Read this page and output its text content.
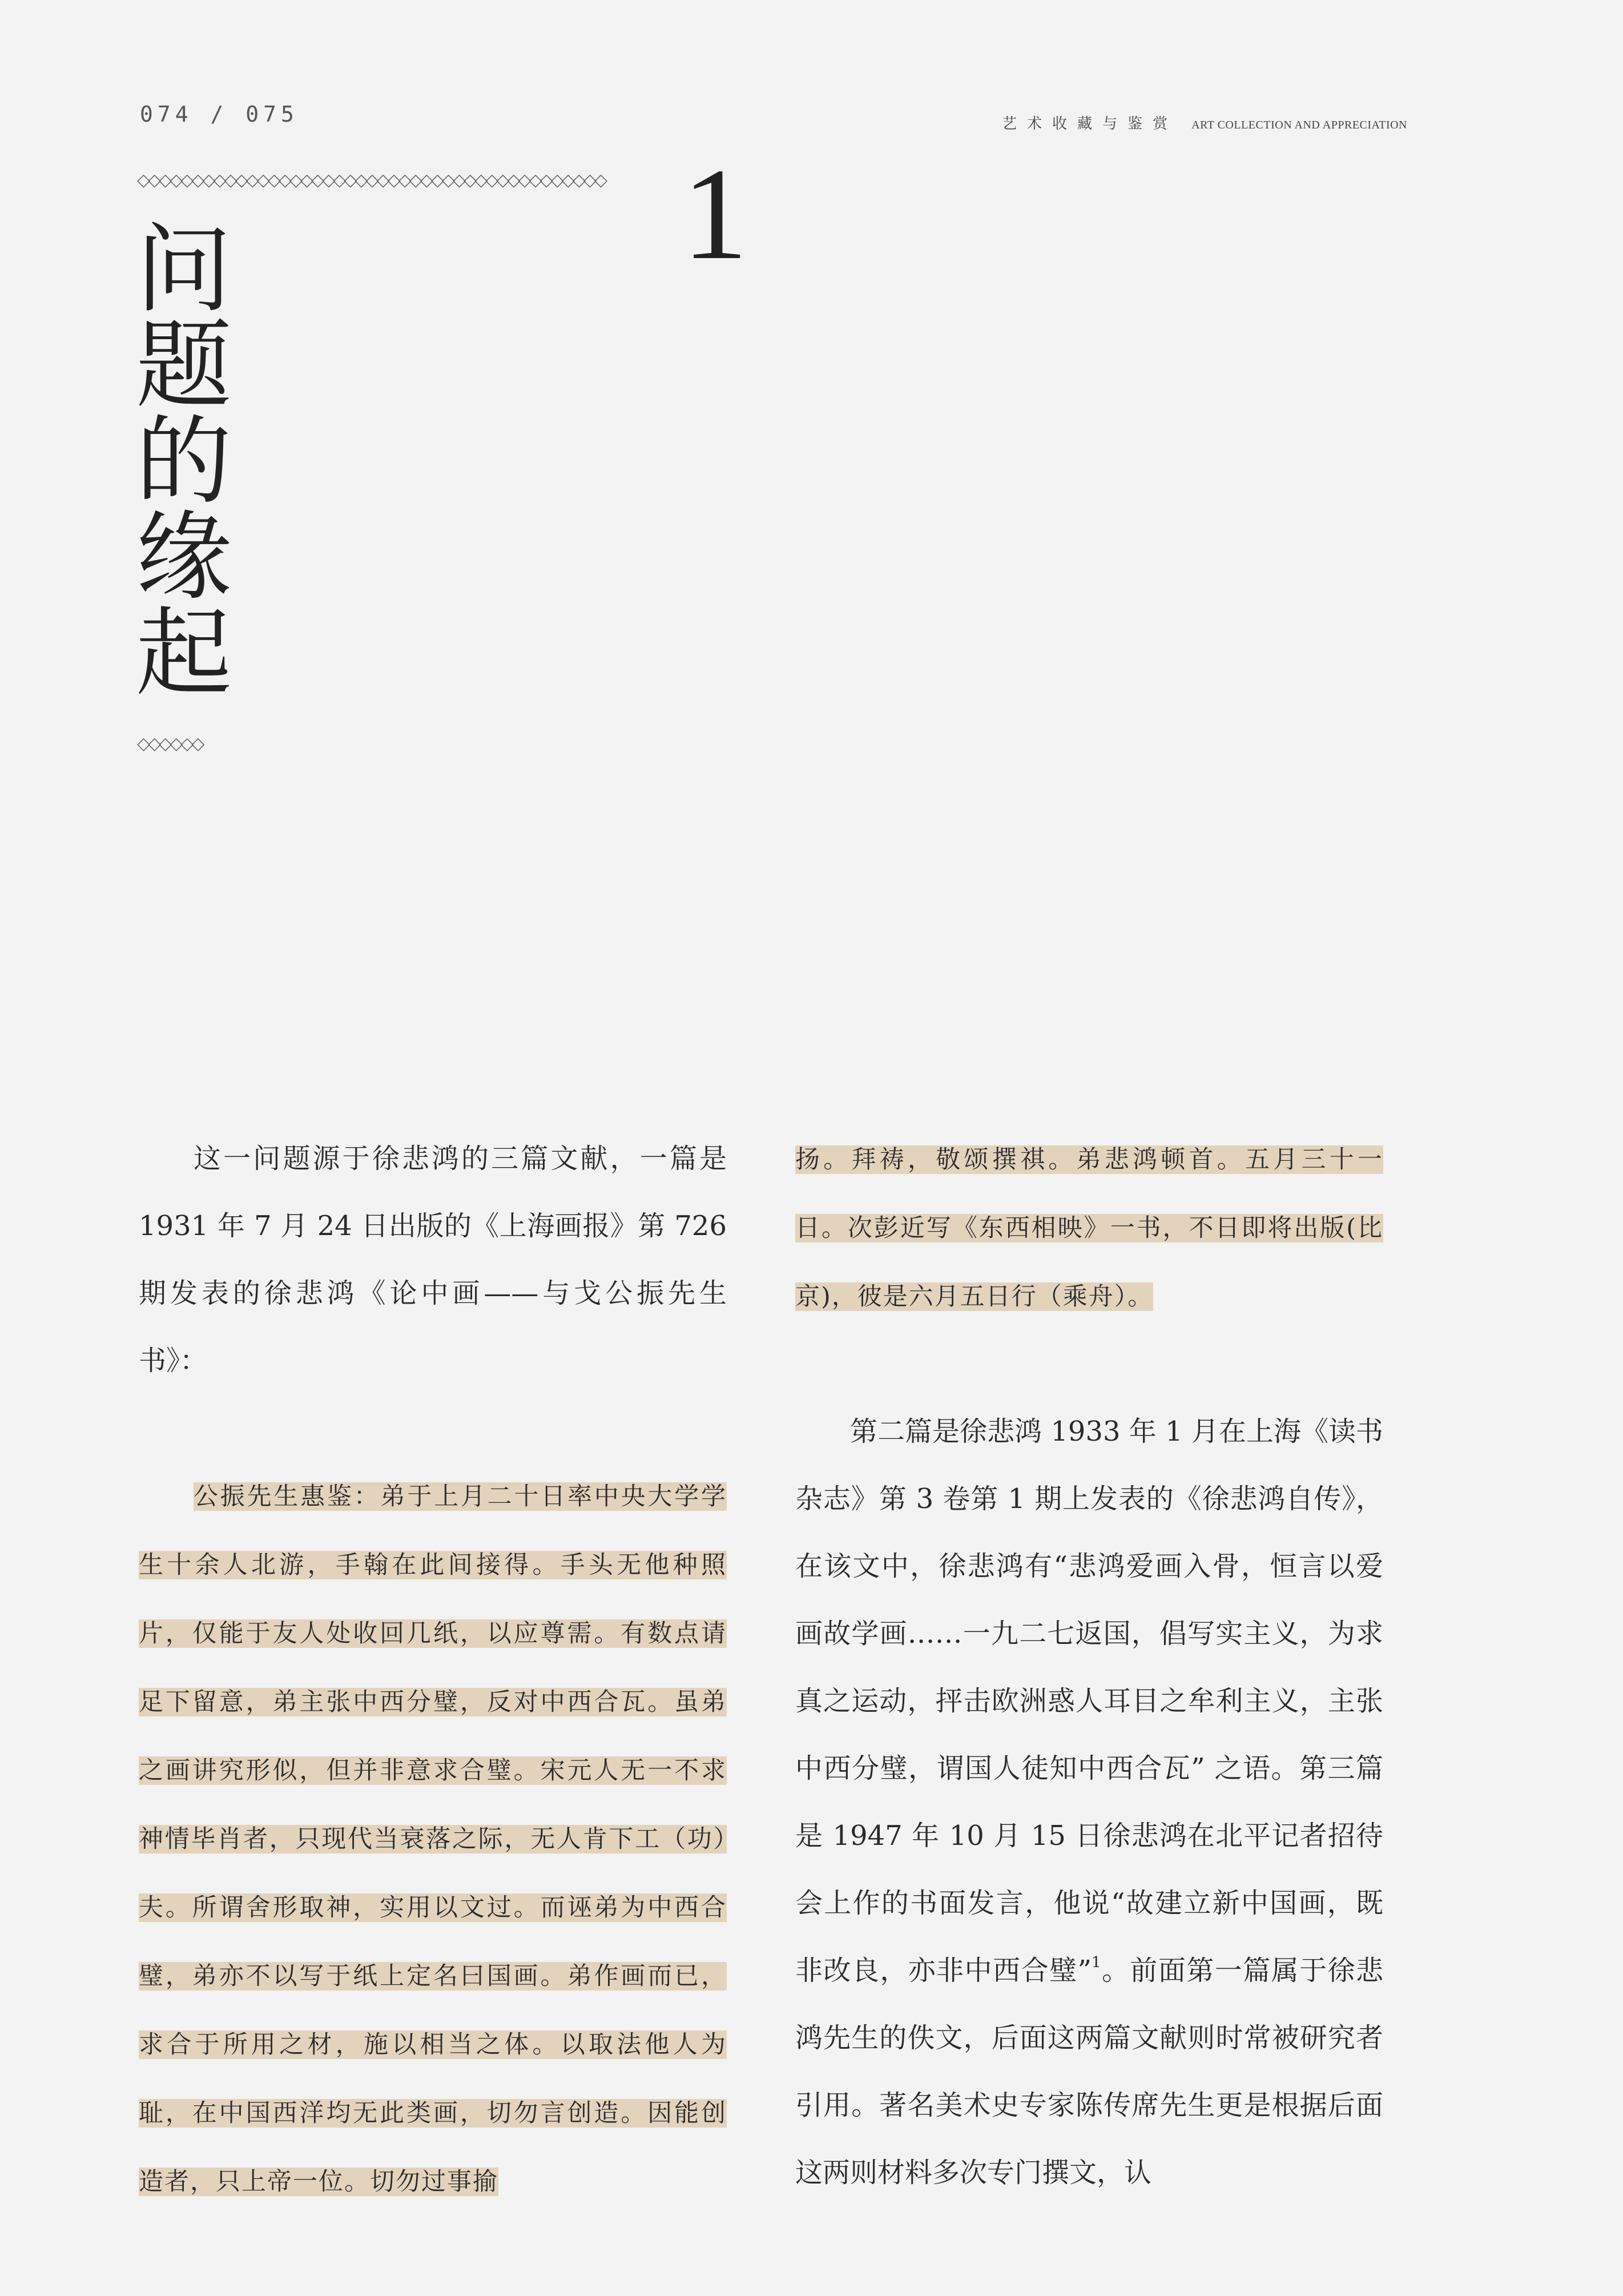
074 / 075	艺术收藏与鉴赏 ART COLLECTION AND APPRECIATION
◇◇◇◇◇◇◇◇◇◇◇◇◇◇◇◇◇◇◇◇◇◇◇◇◇◇◇◇◇◇◇◇◇◇◇◇◇◇◇◇◇◇◇ 1
问题的缘起
◇◇◇◇◇◇

这一问题源于徐悲鸿的三篇文献，一篇是 1931 年 7 月 24 日出版的《上海画报》第 726 期发表的徐悲鸿《论中画——与戈公振先生书》：

公振先生惠鉴：弟于上月二十日率中央大学学生十余人北游，手翰在此间接得。手头无他种照片，仅能于友人处收回几纸，以应尊需。有数点请足下留意，弟主张中西分璧，反对中西合瓦。虽弟之画讲究形似，但并非意求合璧。宋元人无一不求神情毕肖者，只现代当衰落之际，无人肯下工（功）夫。所谓舍形取神，实用以文过。而诬弟为中西合璧，弟亦不以写于纸上定名曰国画。弟作画而已，求合于所用之材，施以相当之体。以取法他人为耻，在中国西洋均无此类画，切勿言创造。因能创造者，只上帝一位。切勿过事揄

扬。拜祷，敬颂撰祺。弟悲鸿顿首。五月三十一日。次彭近写《东西相映》一书，不日即将出版(比京)，彼是六月五日行（乘舟）。

第二篇是徐悲鸿 1933 年 1 月在上海《读书杂志》第 3 卷第 1 期上发表的《徐悲鸿自传》，在该文中，徐悲鸿有“悲鸿爱画入骨，恒言以爱画故学画……一九二七返国，倡写实主义，为求真之运动，抨击欧洲惑人耳目之牟利主义，主张中西分璧，谓国人徒知中西合瓦” 之语。第三篇是 1947 年 10 月 15 日徐悲鸿在北平记者招待会上作的书面发言，他说“故建立新中国画，既非改良，亦非中西合璧”$^1$。前面第一篇属于徐悲鸿先生的佚文，后面这两篇文献则时常被研究者引用。著名美术史专家陈传席先生更是根据后面这两则材料多次专门撰文，认
